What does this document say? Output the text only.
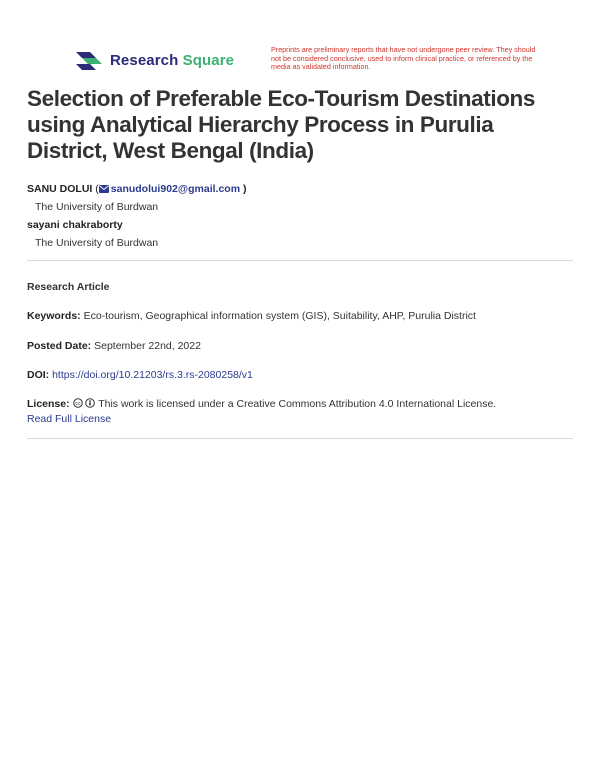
Research Square
Preprints are preliminary reports that have not undergone peer review. They should not be considered conclusive, used to inform clinical practice, or referenced by the media as validated information.
Selection of Preferable Eco-Tourism Destinations using Analytical Hierarchy Process in Purulia District, West Bengal (India)
SANU DOLUI ( sanudolui902@gmail.com )
The University of Burdwan
sayani chakraborty
The University of Burdwan
Research Article
Keywords: Eco-tourism, Geographical information system (GIS), Suitability, AHP, Purulia District
Posted Date: September 22nd, 2022
DOI: https://doi.org/10.21203/rs.3.rs-2080258/v1
License: cc This work is licensed under a Creative Commons Attribution 4.0 International License.
Read Full License
